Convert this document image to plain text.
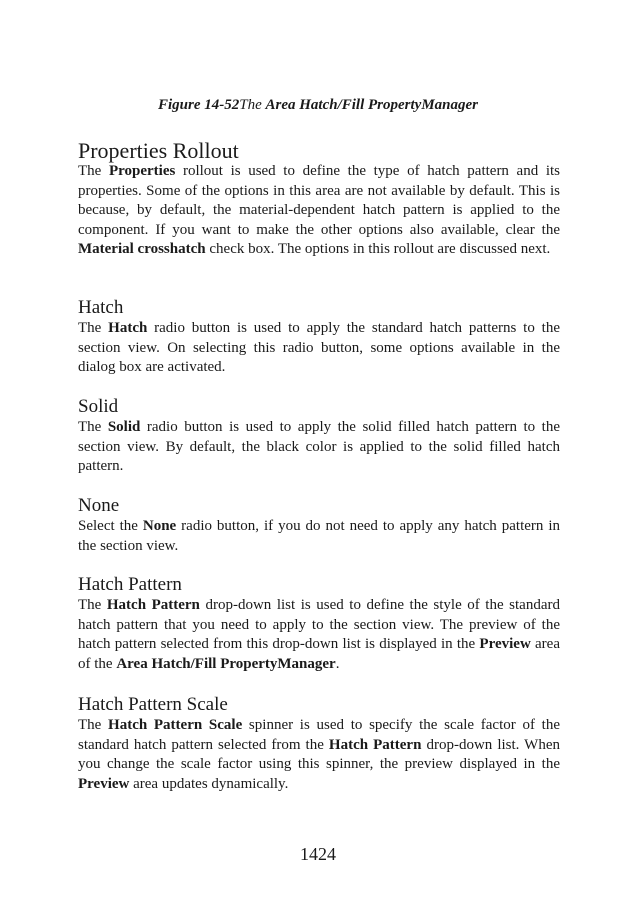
Figure 14-52The Area Hatch/Fill PropertyManager
Properties Rollout

The Properties rollout is used to define the type of hatch pattern and its properties. Some of the options in this area are not available by default. This is because, by default, the material-dependent hatch pattern is applied to the component. If you want to make the other options also available, clear the Material crosshatch check box. The options in this rollout are discussed next.

Hatch

The Hatch radio button is used to apply the standard hatch patterns to the section view. On selecting this radio button, some options available in the dialog box are activated.

Solid

The Solid radio button is used to apply the solid filled hatch pattern to the section view. By default, the black color is applied to the solid filled hatch pattern.

None

Select the None radio button, if you do not need to apply any hatch pattern in the section view.

Hatch Pattern

The Hatch Pattern drop-down list is used to define the style of the standard hatch pattern that you need to apply to the section view. The preview of the hatch pattern selected from this drop-down list is displayed in the Preview area of the Area Hatch/Fill PropertyManager.

Hatch Pattern Scale

The Hatch Pattern Scale spinner is used to specify the scale factor of the standard hatch pattern selected from the Hatch Pattern drop-down list. When you change the scale factor using this spinner, the preview displayed in the Preview area updates dynamically.

1424
